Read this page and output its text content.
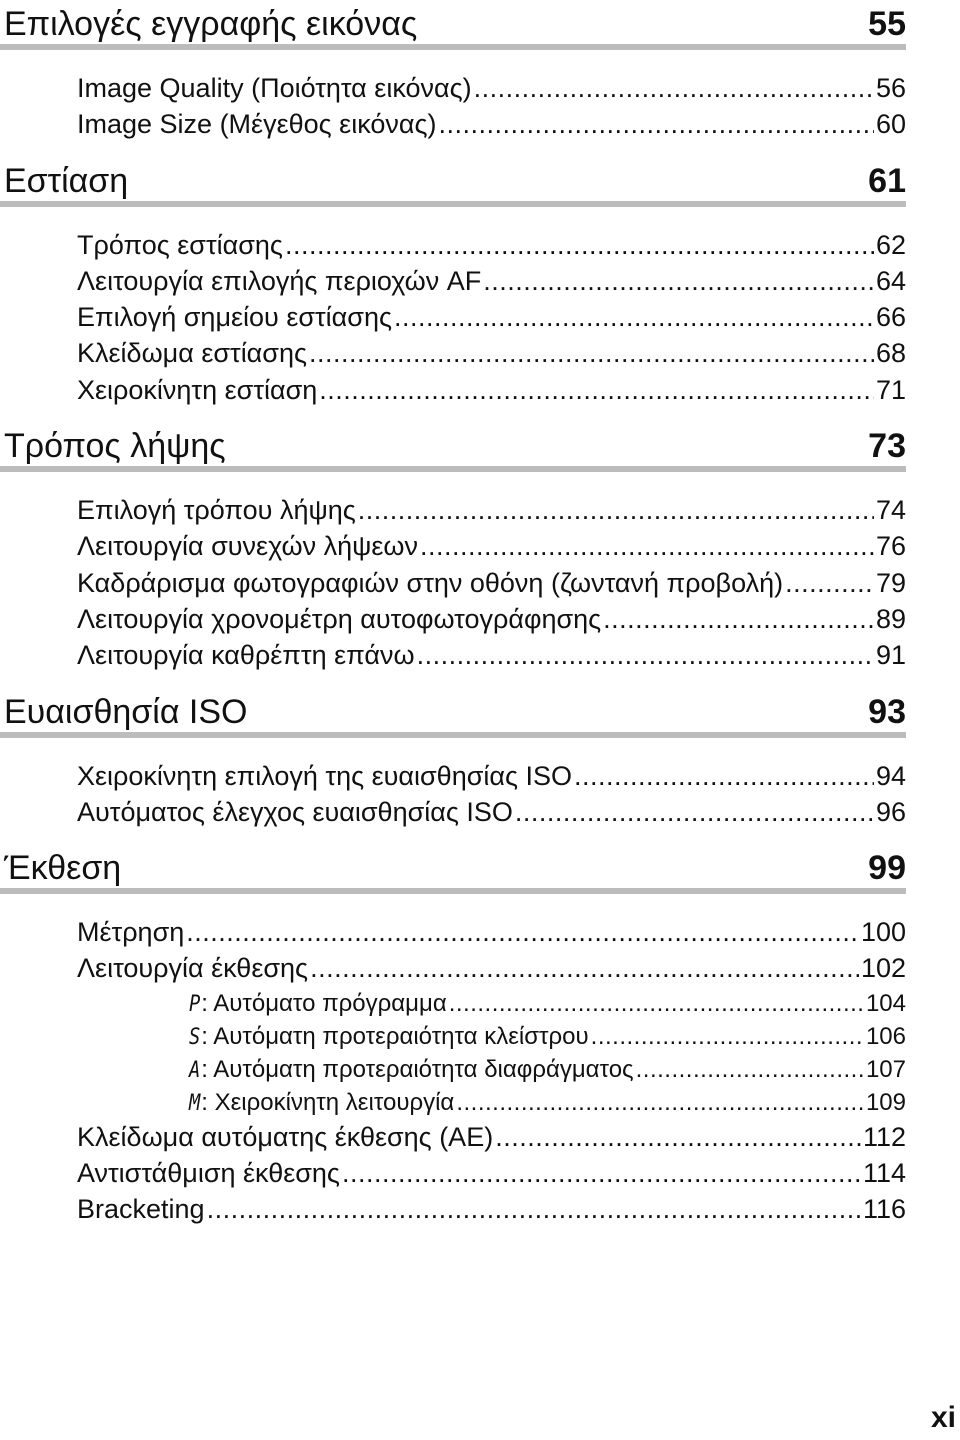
Επιλογές εγγραφής εικόνας	55
Image Quality (Ποιότητα εικόνας) .....	56
Image Size (Μέγεθος εικόνας) .....	60
Εστίαση	61
Τρόπος εστίασης .....	62
Λειτουργία επιλογής περιοχών AF .....	64
Επιλογή σημείου εστίασης .....	66
Κλείδωμα εστίασης .....	68
Χειροκίνητη εστίαση .....	71
Τρόπος λήψης	73
Επιλογή τρόπου λήψης .....	74
Λειτουργία συνεχών λήψεων .....	76
Καδράρισμα φωτογραφιών στην οθόνη (ζωντανή προβολή) .....	79
Λειτουργία χρονομέτρη αυτοφωτογράφησης .....	89
Λειτουργία καθρέπτη επάνω .....	91
Ευαισθησία ISO	93
Χειροκίνητη επιλογή της ευαισθησίας ISO .....	94
Αυτόματος έλεγχος ευαισθησίας ISO .....	96
Έκθεση	99
Μέτρηση .....	100
Λειτουργία έκθεσης .....	102
P: Αυτόματο πρόγραμμα .....	104
S: Αυτόματη προτεραιότητα κλείστρου .....	106
A: Αυτόματη προτεραιότητα διαφράγματος .....	107
M: Χειροκίνητη λειτουργία .....	109
Κλείδωμα αυτόματης έκθεσης (AE) .....	112
Αντιστάθμιση έκθεσης .....	114
Bracketing .....	116
xi
